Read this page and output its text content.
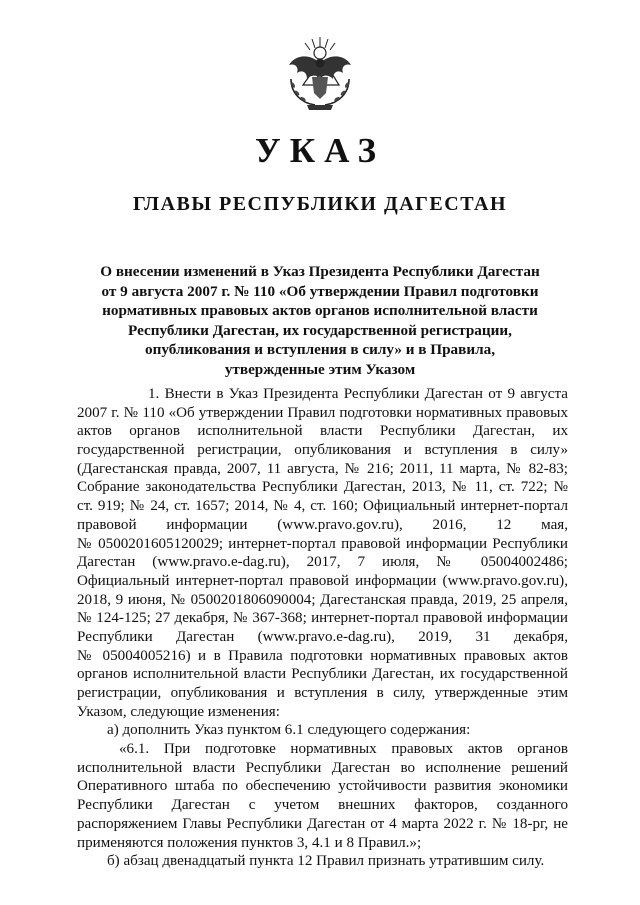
УКАЗ
ГЛАВЫ РЕСПУБЛИКИ ДАГЕСТАН
О внесении изменений в Указ Президента Республики Дагестан
от 9 августа 2007 г. № 110 «Об утверждении Правил подготовки
нормативных правовых актов органов исполнительной власти
Республики Дагестан, их государственной регистрации,
опубликования и вступления в силу» и в Правила,
утвержденные этим Указом
1. Внести в Указ Президента Республики Дагестан от 9 августа
2007 г. № 110 «Об утверждении Правил подготовки нормативных правовых
актов органов исполнительной власти Республики Дагестан, их
государственной регистрации, опубликования и вступления в силу»
(Дагестанская правда, 2007, 11 августа, № 216; 2011, 11 марта, № 82-83;
Собрание законодательства Республики Дагестан, 2013, № 11, ст. 722; №
ст. 919; № 24, ст. 1657; 2014, № 4, ст. 160; Официальный интернет-портал
правовой информации (www.pravo.gov.ru), 2016, 12 мая,
№ 0500201605120029; интернет-портал правовой информации Республики
Дагестан (www.pravo.e-dag.ru), 2017, 7 июля, № 05004002486;
Официальный интернет-портал правовой информации (www.pravo.gov.ru),
2018, 9 июня, № 0500201806090004; Дагестанская правда, 2019, 25 апреля,
№ 124-125; 27 декабря, № 367-368; интернет-портал правовой информации
Республики Дагестан (www.pravo.e-dag.ru), 2019, 31 декабря,
№ 05004005216) и в Правила подготовки нормативных правовых актов
органов исполнительной власти Республики Дагестан, их государственной
регистрации, опубликования и вступления в силу, утвержденные этим
Указом, следующие изменения:
а) дополнить Указ пунктом 6.1 следующего содержания:
«6.1. При подготовке нормативных правовых актов органов
исполнительной власти Республики Дагестан во исполнение решений
Оперативного штаба по обеспечению устойчивости развития экономики
Республики Дагестан с учетом внешних факторов, созданного
распоряжением Главы Республики Дагестан от 4 марта 2022 г. № 18-рг, не
применяются положения пунктов 3, 4.1 и 8 Правил.»;
б) абзац двенадцатый пункта 12 Правил признать утратившим силу.
